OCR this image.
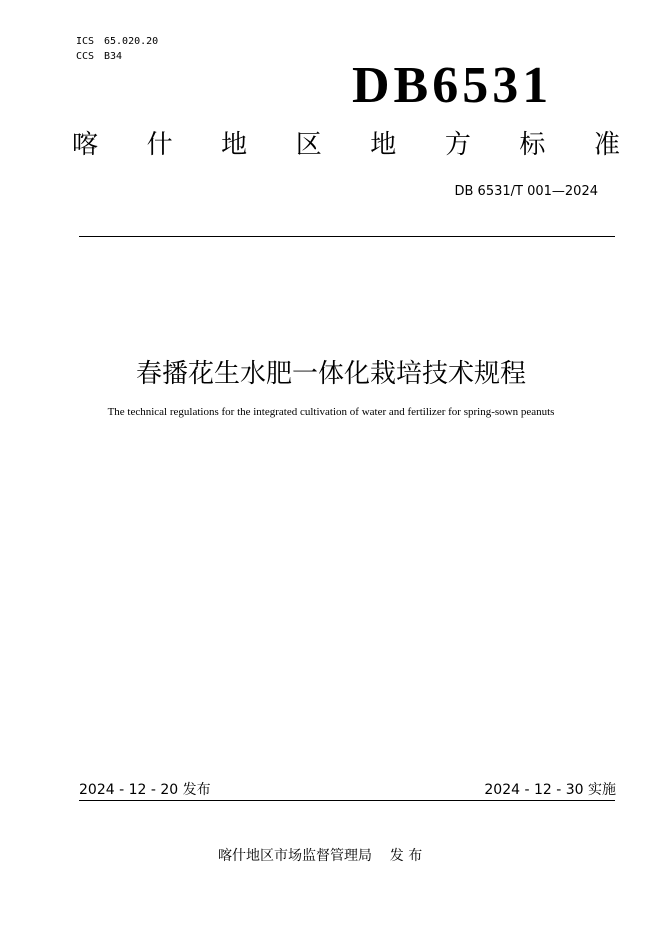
ICS 65.020.20
CCS B34
DB6531
喀 什 地 区 地 方 标 准
DB 6531/T 001—2024
春播花生水肥一体化栽培技术规程
The technical regulations for the integrated cultivation of water and fertilizer for spring-sown peanuts
2024 - 12 - 20 发布	2024 - 12 - 30 实施
喀什地区市场监督管理局    发 布
